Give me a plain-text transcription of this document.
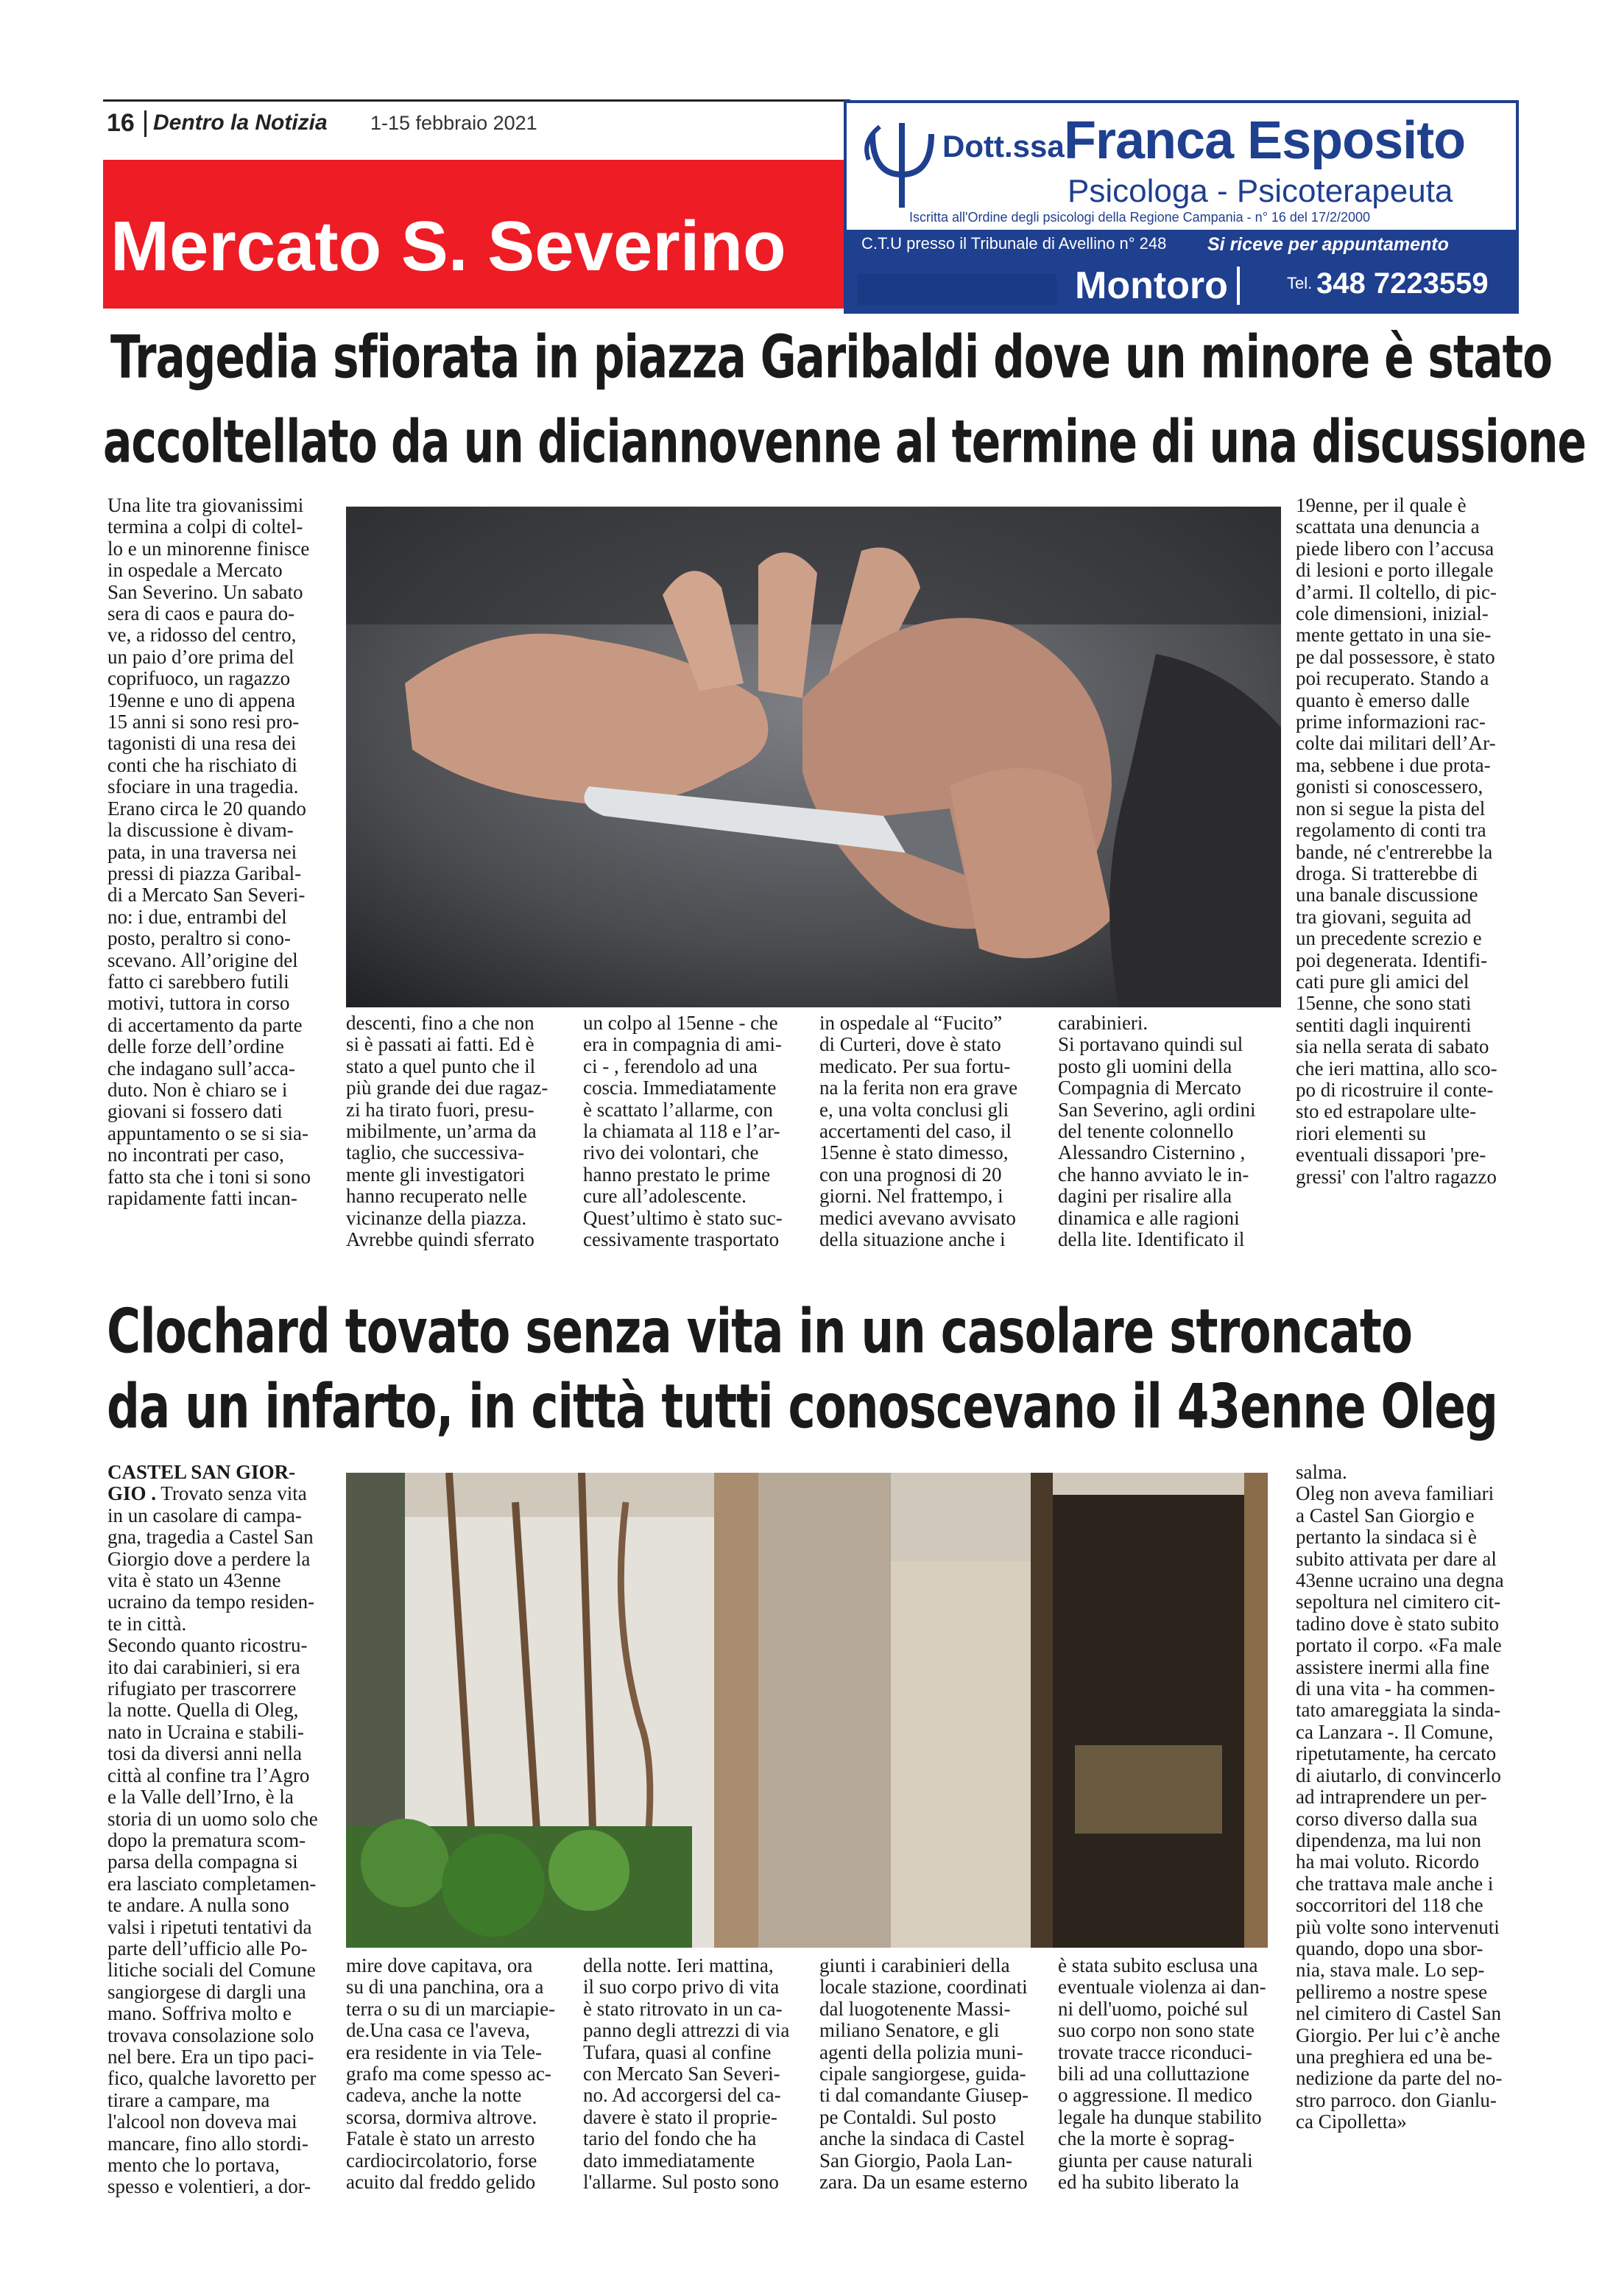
16 Dentro la Notizia 1-15 febbraio 2021
Mercato S. Severino
Dott.ssa Franca Esposito
Psicologa - Psicoterapeuta
Iscritta all'Ordine degli psicologi della Regione Campania - n° 16 del 17/2/2000
C.T.U presso il Tribunale di Avellino n° 248 Si riceve per appuntamento
Montoro	Tel. 348 7223559
Tragedia sfiorata in piazza Garibaldi dove un minore è stato
accoltellato da un diciannovenne al termine di una discussione
Una lite tra giovanissimi
termina a colpi di coltel-
lo e un minorenne finisce
in ospedale a Mercato
San Severino. Un sabato
sera di caos e paura do-
ve, a ridosso del centro,
un paio d’ore prima del
coprifuoco, un ragazzo
19enne e uno di appena
15 anni si sono resi pro-
tagonisti di una resa dei
conti che ha rischiato di
sfociare in una tragedia.
Erano circa le 20 quando
la discussione è divam-
pata, in una traversa nei
pressi di piazza Garibal-
di a Mercato San Severi-
no: i due, entrambi del
posto, peraltro si cono-
scevano. All’origine del
fatto ci sarebbero futili
motivi, tuttora in corso
di accertamento da parte
delle forze dell’ordine
che indagano sull’acca-
duto. Non è chiaro se i
giovani si fossero dati
appuntamento o se si sia-
no incontrati per caso,
fatto sta che i toni si sono
rapidamente fatti incan-
descenti, fino a che non
si è passati ai fatti. Ed è
stato a quel punto che il
più grande dei due ragaz-
zi ha tirato fuori, presu-
mibilmente, un’arma da
taglio, che successiva-
mente gli investigatori
hanno recuperato nelle
vicinanze della piazza.
Avrebbe quindi sferrato
un colpo al 15enne - che
era in compagnia di ami-
ci - , ferendolo ad una
coscia. Immediatamente
è scattato l’allarme, con
la chiamata al 118 e l’ar-
rivo dei volontari, che
hanno prestato le prime
cure all’adolescente.
Quest’ultimo è stato suc-
cessivamente trasportato
in ospedale al “Fucito”
di Curteri, dove è stato
medicato. Per sua fortu-
na la ferita non era grave
e, una volta conclusi gli
accertamenti del caso, il
15enne è stato dimesso,
con una prognosi di 20
giorni. Nel frattempo, i
medici avevano avvisato
della situazione anche i
carabinieri.
Si portavano quindi sul
posto gli uomini della
Compagnia di Mercato
San Severino, agli ordini
del tenente colonnello
Alessandro Cisternino ,
che hanno avviato le in-
dagini per risalire alla
dinamica e alle ragioni
della lite. Identificato il
19enne, per il quale è
scattata una denuncia a
piede libero con l’accusa
di lesioni e porto illegale
d’armi. Il coltello, di pic-
cole dimensioni, inizial-
mente gettato in una sie-
pe dal possessore, è stato
poi recuperato. Stando a
quanto è emerso dalle
prime informazioni rac-
colte dai militari dell’Ar-
ma, sebbene i due prota-
gonisti si conoscessero,
non si segue la pista del
regolamento di conti tra
bande, né c'entrerebbe la
droga. Si tratterebbe di
una banale discussione
tra giovani, seguita ad
un precedente screzio e
poi degenerata. Identifi-
cati pure gli amici del
15enne, che sono stati
sentiti dagli inquirenti
sia nella serata di sabato
che ieri mattina, allo sco-
po di ricostruire il conte-
sto ed estrapolare ulte-
riori elementi su
eventuali dissapori 'pre-
gressi' con l'altro ragazzo
Clochard tovato senza vita in un casolare stroncato
da un infarto, in città tutti conoscevano il 43enne Oleg
CASTEL SAN GIOR-
GIO . Trovato senza vita
in un casolare di campa-
gna, tragedia a Castel San
Giorgio dove a perdere la
vita è stato un 43enne
ucraino da tempo residen-
te in città.
Secondo quanto ricostru-
ito dai carabinieri, si era
rifugiato per trascorrere
la notte. Quella di Oleg,
nato in Ucraina e stabili-
tosi da diversi anni nella
città al confine tra l’Agro
e la Valle dell’Irno, è la
storia di un uomo solo che
dopo la prematura scom-
parsa della compagna si
era lasciato completamen-
te andare. A nulla sono
valsi i ripetuti tentativi da
parte dell’ufficio alle Po-
litiche sociali del Comune
sangiorgese di dargli una
mano. Soffriva molto e
trovava consolazione solo
nel bere. Era un tipo paci-
fico, qualche lavoretto per
tirare a campare, ma
l'alcool non doveva mai
mancare, fino allo stordi-
mento che lo portava,
spesso e volentieri, a dor-
mire dove capitava, ora
su di una panchina, ora a
terra o su di un marciapie-
de.Una casa ce l'aveva,
era residente in via Tele-
grafo ma come spesso ac-
cadeva, anche la notte
scorsa, dormiva altrove.
Fatale è stato un arresto
cardiocircolatorio, forse
acuito dal freddo gelido
della notte. Ieri mattina,
il suo corpo privo di vita
è stato ritrovato in un ca-
panno degli attrezzi di via
Tufara, quasi al confine
con Mercato San Severi-
no. Ad accorgersi del ca-
davere è stato il proprie-
tario del fondo che ha
dato immediatamente
l'allarme. Sul posto sono
giunti i carabinieri della
locale stazione, coordinati
dal luogotenente Massi-
miliano Senatore, e gli
agenti della polizia muni-
cipale sangiorgese, guida-
ti dal comandante Giusep-
pe Contaldi. Sul posto
anche la sindaca di Castel
San Giorgio, Paola Lan-
zara. Da un esame esterno
è stata subito esclusa una
eventuale violenza ai dan-
ni dell'uomo, poiché sul
suo corpo non sono state
trovate tracce riconduci-
bili ad una colluttazione
o aggressione. Il medico
legale ha dunque stabilito
che la morte è soprag-
giunta per cause naturali
ed ha subito liberato la
salma.
Oleg non aveva familiari
a Castel San Giorgio e
pertanto la sindaca si è
subito attivata per dare al
43enne ucraino una degna
sepoltura nel cimitero cit-
tadino dove è stato subito
portato il corpo. «Fa male
assistere inermi alla fine
di una vita - ha commen-
tato amareggiata la sinda-
ca Lanzara -. Il Comune,
ripetutamente, ha cercato
di aiutarlo, di convincerlo
ad intraprendere un per-
corso diverso dalla sua
dipendenza, ma lui non
ha mai voluto. Ricordo
che trattava male anche i
soccorritori del 118 che
più volte sono intervenuti
quando, dopo una sbor-
nia, stava male. Lo sep-
pelliremo a nostre spese
nel cimitero di Castel San
Giorgio. Per lui c’è anche
una preghiera ed una be-
nedizione da parte del no-
stro parroco. don Gianlu-
ca Cipolletta»
